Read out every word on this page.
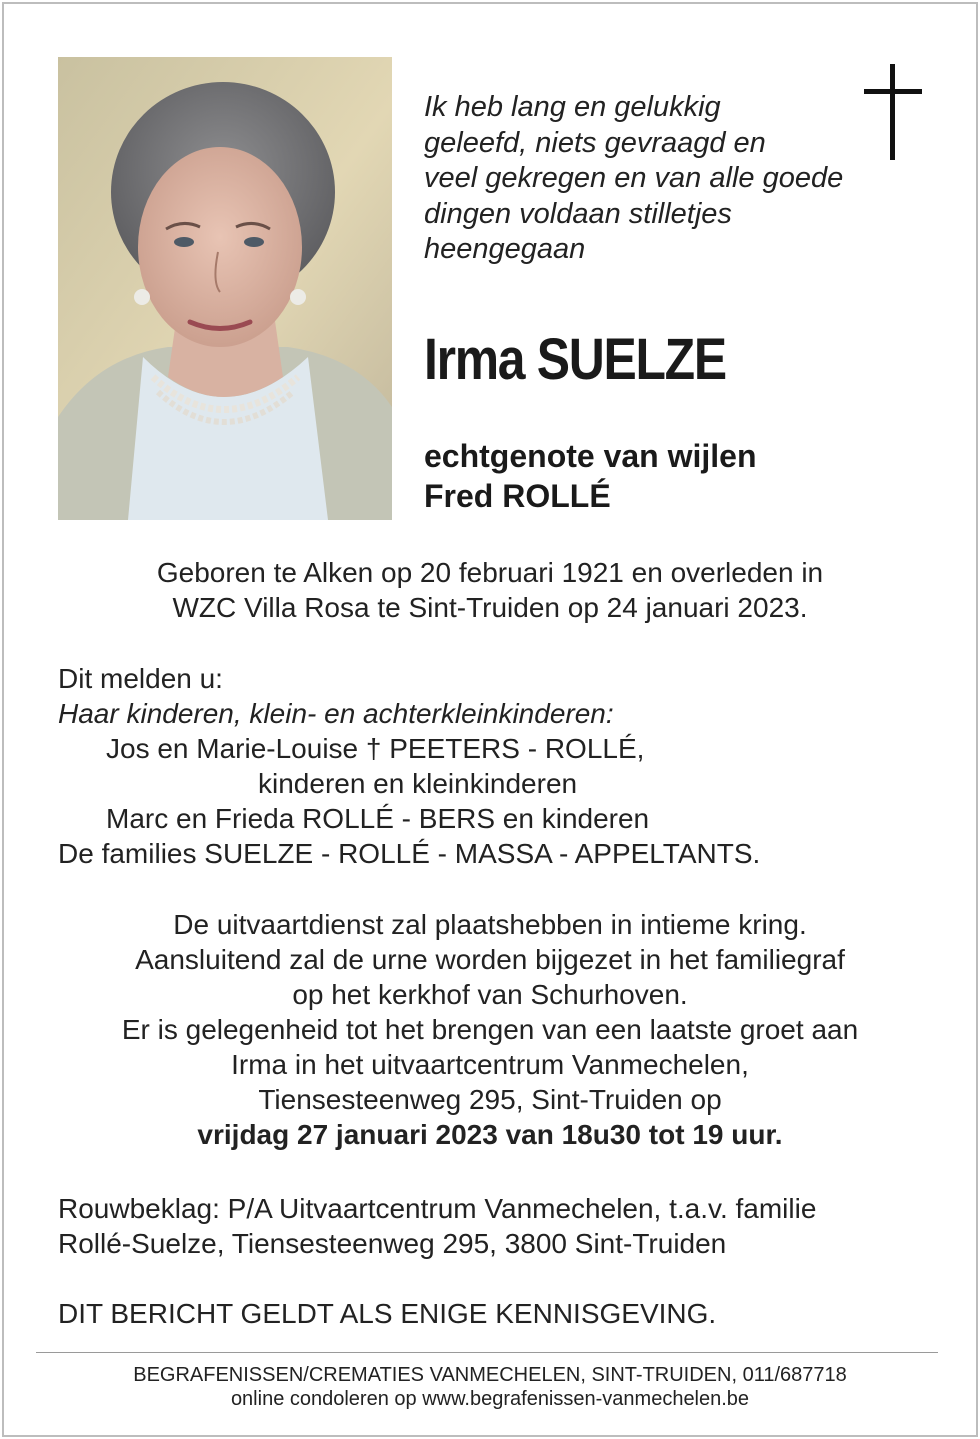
Ik heb lang en gelukkig
geleefd, niets gevraagd en
veel gekregen en van alle goede
dingen voldaan stilletjes
heengegaan
Irma SUELZE
echtgenote van wijlen
Fred ROLLÉ
Geboren te Alken op 20 februari 1921 en overleden in
WZC Villa Rosa te Sint-Truiden op 24 januari 2023.
Dit melden u:
Haar kinderen, klein- en achterkleinkinderen:
Jos en Marie-Louise † PEETERS - ROLLÉ,
kinderen en kleinkinderen
Marc en Frieda ROLLÉ - BERS en kinderen
De families SUELZE - ROLLÉ - MASSA - APPELTANTS.
De uitvaartdienst zal plaatshebben in intieme kring.
Aansluitend zal de urne worden bijgezet in het familiegraf
op het kerkhof van Schurhoven.
Er is gelegenheid tot het brengen van een laatste groet aan
Irma in het uitvaartcentrum Vanmechelen,
Tiensesteenweg 295, Sint-Truiden op
vrijdag 27 januari 2023 van 18u30 tot 19 uur.
Rouwbeklag: P/A Uitvaartcentrum Vanmechelen, t.a.v. familie
Rollé-Suelze, Tiensesteenweg 295, 3800 Sint-Truiden
DIT BERICHT GELDT ALS ENIGE KENNISGEVING.
BEGRAFENISSEN/CREMATIES VANMECHELEN, SINT-TRUIDEN, 011/687718
online condoleren op www.begrafenissen-vanmechelen.be
